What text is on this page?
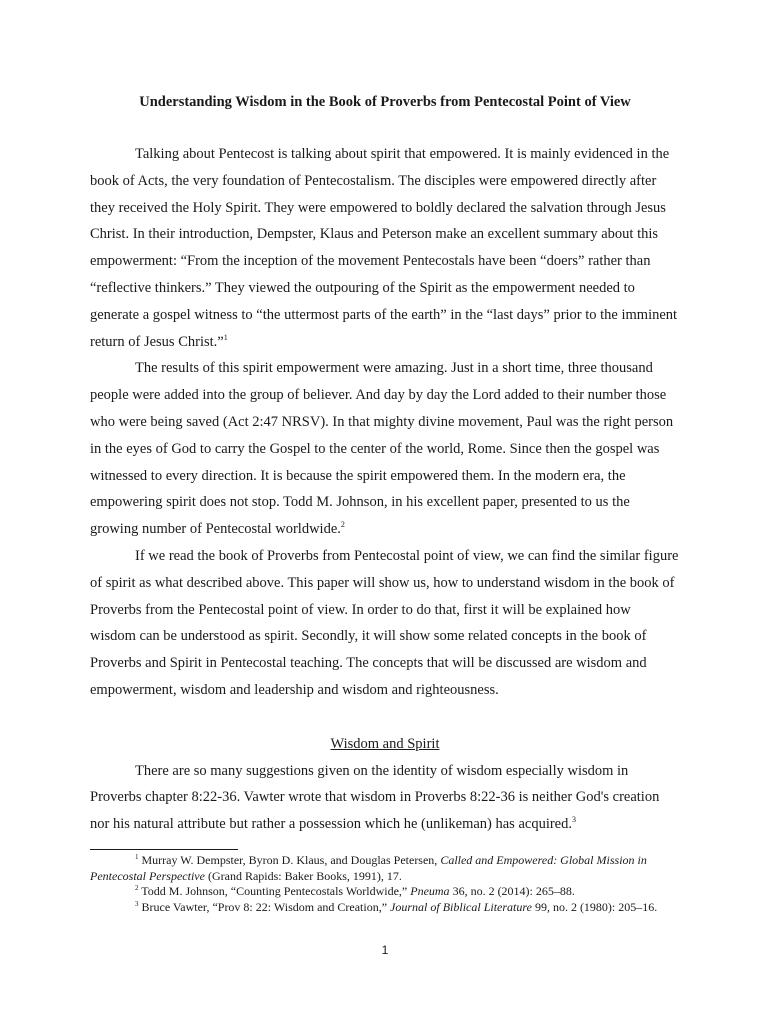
Understanding Wisdom in the Book of Proverbs from Pentecostal Point of View

Talking about Pentecost is talking about spirit that empowered. It is mainly evidenced in the book of Acts, the very foundation of Pentecostalism. The disciples were empowered directly after they received the Holy Spirit. They were empowered to boldly declared the salvation through Jesus Christ. In their introduction, Dempster, Klaus and Peterson make an excellent summary about this empowerment: “From the inception of the movement Pentecostals have been “doers” rather than “reflective thinkers.” They viewed the outpouring of the Spirit as the empowerment needed to generate a gospel witness to “the uttermost parts of the earth” in the “last days” prior to the imminent return of Jesus Christ.”$^1$

The results of this spirit empowerment were amazing. Just in a short time, three thousand people were added into the group of believer. And day by day the Lord added to their number those who were being saved (Act 2:47 NRSV). In that mighty divine movement, Paul was the right person in the eyes of God to carry the Gospel to the center of the world, Rome. Since then the gospel was witnessed to every direction. It is because the spirit empowered them. In the modern era, the empowering spirit does not stop. Todd M. Johnson, in his excellent paper, presented to us the growing number of Pentecostal worldwide.$^2$

If we read the book of Proverbs from Pentecostal point of view, we can find the similar figure of spirit as what described above. This paper will show us, how to understand wisdom in the book of Proverbs from the Pentecostal point of view. In order to do that, first it will be explained how wisdom can be understood as spirit. Secondly, it will show some related concepts in the book of Proverbs and Spirit in Pentecostal teaching. The concepts that will be discussed are wisdom and empowerment, wisdom and leadership and wisdom and righteousness.

Wisdom and Spirit

There are so many suggestions given on the identity of wisdom especially wisdom in Proverbs chapter 8:22-36. Vawter wrote that wisdom in Proverbs 8:22-36 is neither God's creation nor his natural attribute but rather a possession which he (unlikeman) has acquired.$^3$

$^1$ Murray W. Dempster, Byron D. Klaus, and Douglas Petersen, Called and Empowered: Global Mission in Pentecostal Perspective (Grand Rapids: Baker Books, 1991), 17.

$^2$ Todd M. Johnson, “Counting Pentecostals Worldwide,” Pneuma 36, no. 2 (2014): 265–88.

$^3$ Bruce Vawter, “Prov 8: 22: Wisdom and Creation,” Journal of Biblical Literature 99, no. 2 (1980): 205–16.

1
